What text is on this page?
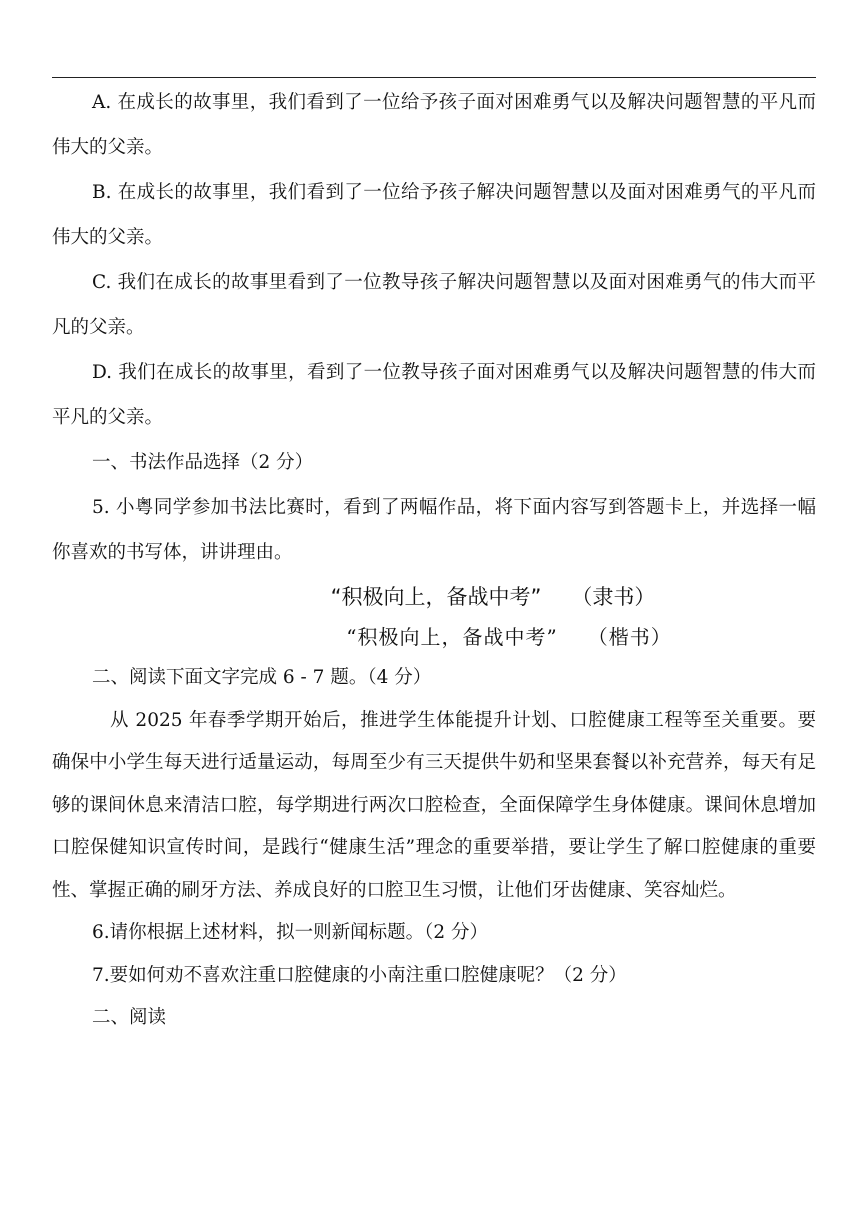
A. 在成长的故事里，我们看到了一位给予孩子面对困难勇气以及解决问题智慧的平凡而伟大的父亲。

B. 在成长的故事里，我们看到了一位给予孩子解决问题智慧以及面对困难勇气的平凡而伟大的父亲。

C. 我们在成长的故事里看到了一位教导孩子解决问题智慧以及面对困难勇气的伟大而平凡的父亲。

D. 我们在成长的故事里，看到了一位教导孩子面对困难勇气以及解决问题智慧的伟大而平凡的父亲。

一、书法作品选择（2 分）

5. 小粤同学参加书法比赛时，看到了两幅作品，将下面内容写到答题卡上，并选择一幅你喜欢的书写体，讲讲理由。

“积极向上，备战中考” （隶书）

“积极向上，备战中考” （楷书）

二、阅读下面文字完成 6 - 7 题。（4 分）

从 2025 年春季学期开始后，推进学生体能提升计划、口腔健康工程等至关重要。要确保中小学生每天进行适量运动，每周至少有三天提供牛奶和坚果套餐以补充营养，每天有足够的课间休息来清洁口腔，每学期进行两次口腔检查，全面保障学生身体健康。课间休息增加口腔保健知识宣传时间，是践行“健康生活”理念的重要举措，要让学生了解口腔健康的重要性、掌握正确的刷牙方法、养成良好的口腔卫生习惯，让他们牙齿健康、笑容灿烂。

6.请你根据上述材料，拟一则新闻标题。（2 分）

7.要如何劝不喜欢注重口腔健康的小南注重口腔健康呢？（2 分）

二、阅读
